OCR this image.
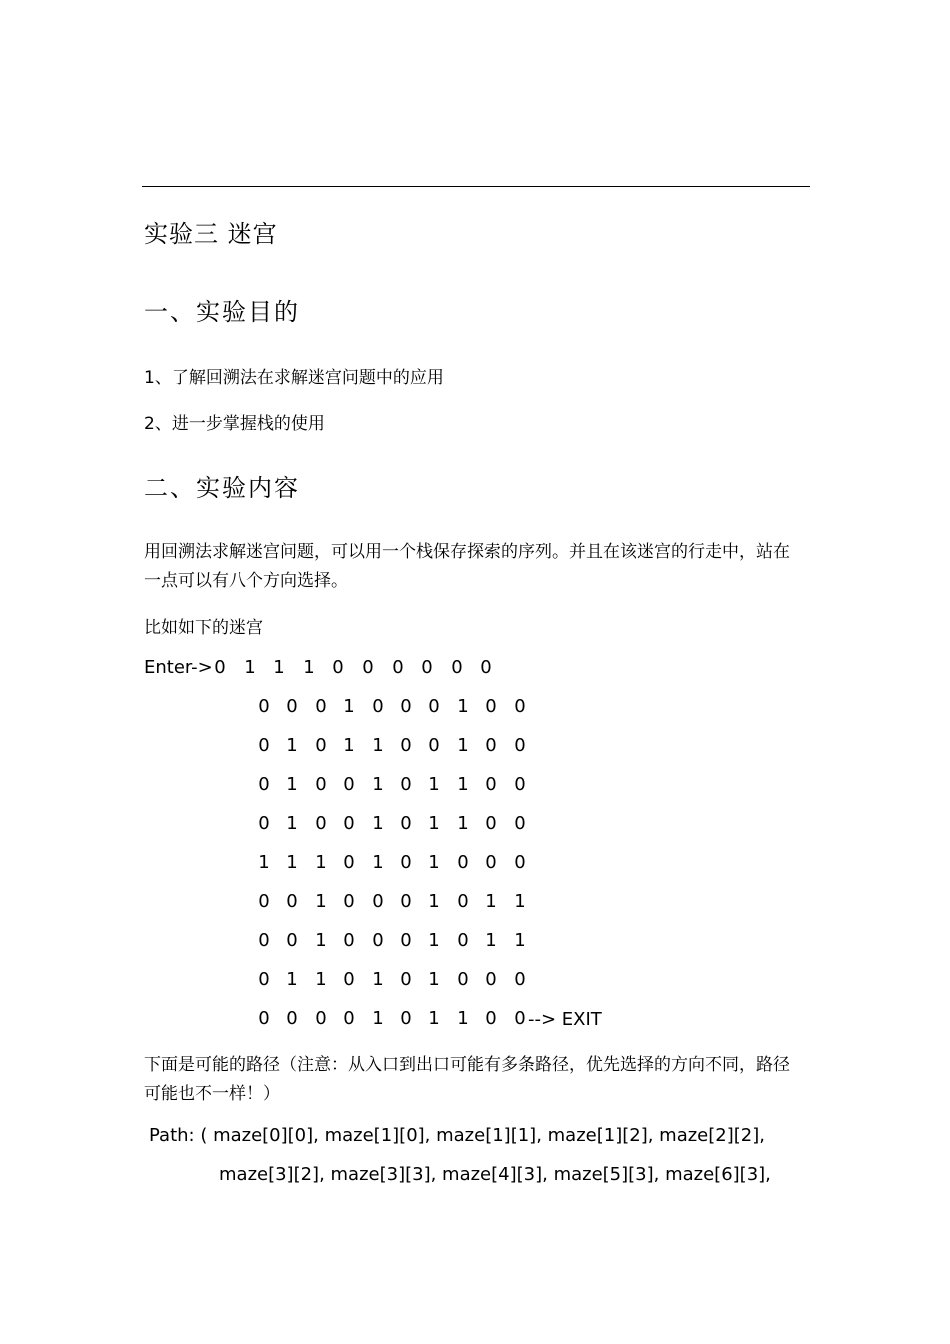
实验三 迷宫
一、实验目的
1、了解回溯法在求解迷宫问题中的应用
2、进一步掌握栈的使用
二、实验内容
用回溯法求解迷宫问题，可以用一个栈保存探索的序列。并且在该迷宫的行走中，站在一点可以有八个方向选择。
比如如下的迷宫
Enter-> 0 1 1 1 0 0 0 0 0 0
0 0 0 1 0 0 0 1 0 0
0 1 0 1 1 0 0 1 0 0
0 1 0 0 1 0 1 1 0 0
0 1 0 0 1 0 1 1 0 0
1 1 1 0 1 0 1 0 0 0
0 0 1 0 0 0 1 0 1 1
0 0 1 0 0 0 1 0 1 1
0 1 1 0 1 0 1 0 0 0
0 0 0 0 1 0 1 1 0 0 --> EXIT
下面是可能的路径（注意：从入口到出口可能有多条路径，优先选择的方向不同，路径可能也不一样！）
Path: ( maze[0][0], maze[1][0], maze[1][1], maze[1][2], maze[2][2],
maze[3][2], maze[3][3], maze[4][3], maze[5][3], maze[6][3],
